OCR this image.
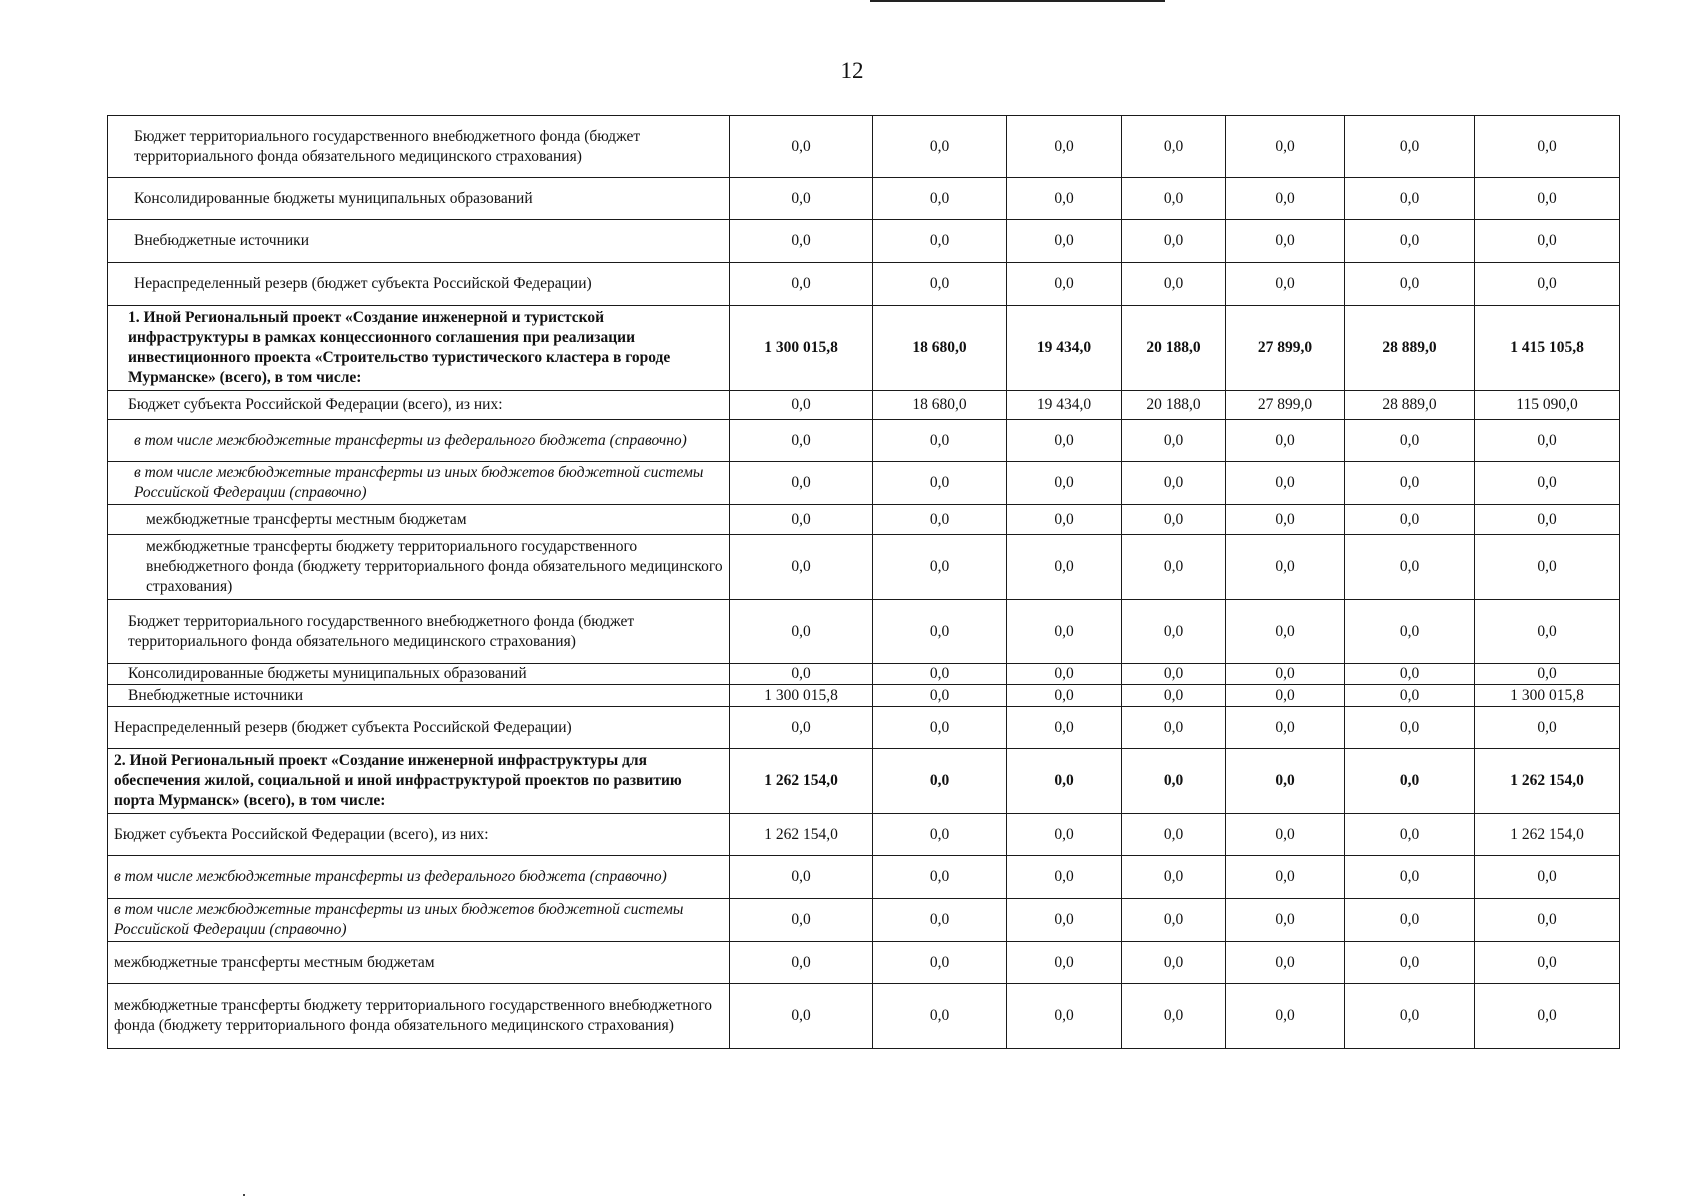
12
Бюджет территориального государственного внебюджетного фонда (бюджет территориального фонда обязательного медицинского страхования)	0,0	0,0	0,0	0,0	0,0	0,0	0,0
Консолидированные бюджеты муниципальных образований	0,0	0,0	0,0	0,0	0,0	0,0	0,0
Внебюджетные источники	0,0	0,0	0,0	0,0	0,0	0,0	0,0
Нераспределенный резерв (бюджет субъекта Российской Федерации)	0,0	0,0	0,0	0,0	0,0	0,0	0,0
1. Иной Региональный проект «Создание инженерной и туристской инфраструктуры в рамках концессионного соглашения при реализации инвестиционного проекта «Строительство туристического кластера в городе Мурманске» (всего), в том числе:	1 300 015,8	18 680,0	19 434,0	20 188,0	27 899,0	28 889,0	1 415 105,8
Бюджет субъекта Российской Федерации (всего), из них:	0,0	18 680,0	19 434,0	20 188,0	27 899,0	28 889,0	115 090,0
в том числе межбюджетные трансферты из федерального бюджета (справочно)	0,0	0,0	0,0	0,0	0,0	0,0	0,0
в том числе межбюджетные трансферты из иных бюджетов бюджетной системы Российской Федерации (справочно)	0,0	0,0	0,0	0,0	0,0	0,0	0,0
межбюджетные трансферты местным бюджетам	0,0	0,0	0,0	0,0	0,0	0,0	0,0
межбюджетные трансферты бюджету территориального государственного внебюджетного фонда (бюджету территориального фонда обязательного медицинского страхования)	0,0	0,0	0,0	0,0	0,0	0,0	0,0
Бюджет территориального государственного внебюджетного фонда (бюджет территориального фонда обязательного медицинского страхования)	0,0	0,0	0,0	0,0	0,0	0,0	0,0
Консолидированные бюджеты муниципальных образований	0,0	0,0	0,0	0,0	0,0	0,0	0,0
Внебюджетные источники	1 300 015,8	0,0	0,0	0,0	0,0	0,0	1 300 015,8
Нераспределенный резерв (бюджет субъекта Российской Федерации)	0,0	0,0	0,0	0,0	0,0	0,0	0,0
2. Иной Региональный проект «Создание инженерной инфраструктуры для обеспечения жилой, социальной и иной инфраструктурой проектов по развитию порта Мурманск» (всего), в том числе:	1 262 154,0	0,0	0,0	0,0	0,0	0,0	1 262 154,0
Бюджет субъекта Российской Федерации (всего), из них:	1 262 154,0	0,0	0,0	0,0	0,0	0,0	1 262 154,0
в том числе межбюджетные трансферты из федерального бюджета (справочно)	0,0	0,0	0,0	0,0	0,0	0,0	0,0
в том числе межбюджетные трансферты из иных бюджетов бюджетной системы Российской Федерации (справочно)	0,0	0,0	0,0	0,0	0,0	0,0	0,0
межбюджетные трансферты местным бюджетам	0,0	0,0	0,0	0,0	0,0	0,0	0,0
межбюджетные трансферты бюджету территориального государственного внебюджетного фонда (бюджету территориального фонда обязательного медицинского страхования)	0,0	0,0	0,0	0,0	0,0	0,0	0,0
